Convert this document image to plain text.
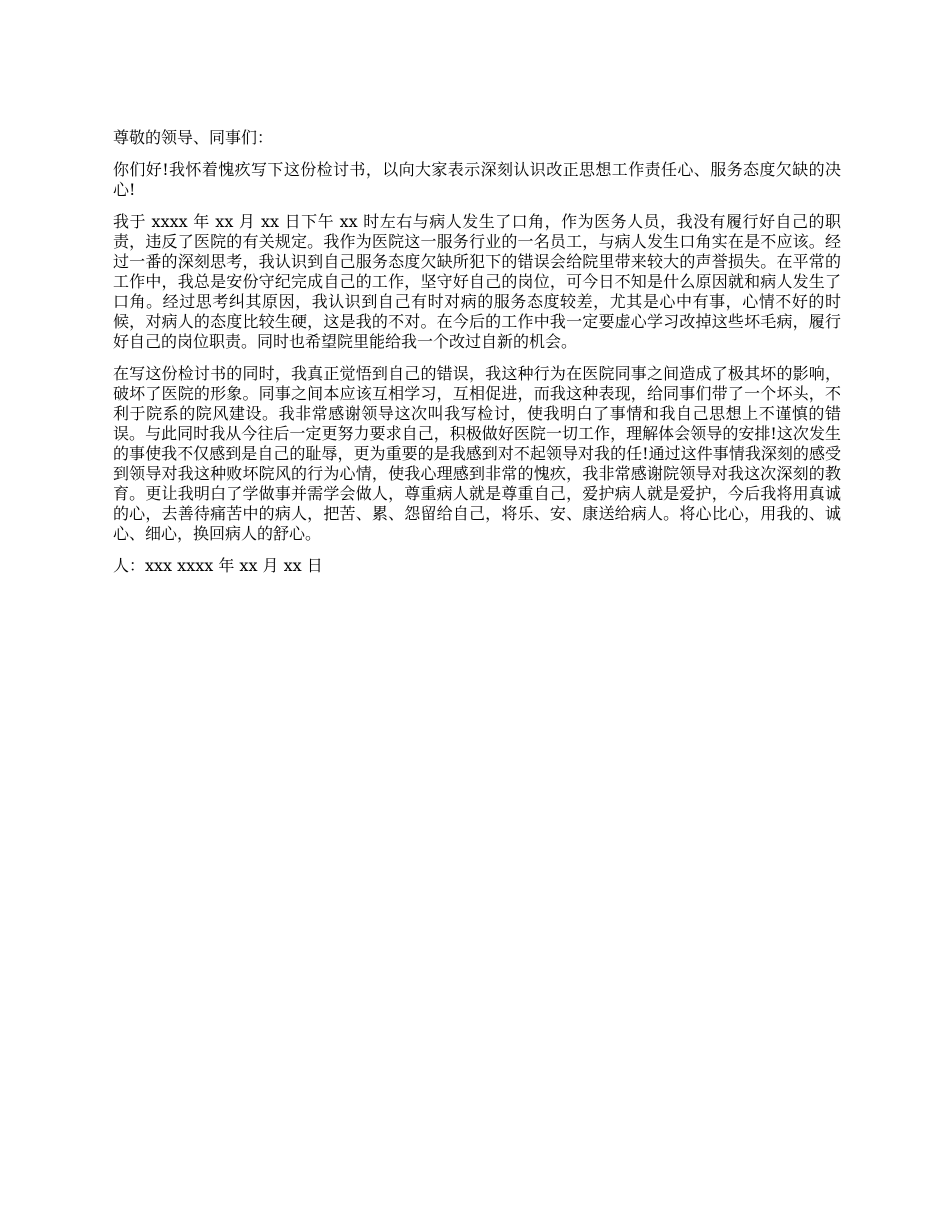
尊敬的领导、同事们：

你们好!我怀着愧疚写下这份检讨书，以向大家表示深刻认识改正思想工作责任心、服务态度欠缺的决心!

我于 xxxx 年 xx 月 xx 日下午 xx 时左右与病人发生了口角，作为医务人员，我没有履行好自己的职责，违反了医院的有关规定。我作为医院这一服务行业的一名员工，与病人发生口角实在是不应该。经过一番的深刻思考，我认识到自己服务态度欠缺所犯下的错误会给院里带来较大的声誉损失。在平常的工作中，我总是安份守纪完成自己的工作，坚守好自己的岗位，可今日不知是什么原因就和病人发生了口角。经过思考纠其原因，我认识到自己有时对病的服务态度较差，尤其是心中有事，心情不好的时候，对病人的态度比较生硬，这是我的不对。在今后的工作中我一定要虚心学习改掉这些坏毛病，履行好自己的岗位职责。同时也希望院里能给我一个改过自新的机会。

在写这份检讨书的同时，我真正觉悟到自己的错误，我这种行为在医院同事之间造成了极其坏的影响，破坏了医院的形象。同事之间本应该互相学习，互相促进，而我这种表现，给同事们带了一个坏头，不利于院系的院风建设。我非常感谢领导这次叫我写检讨，使我明白了事情和我自己思想上不谨慎的错误。与此同时我从今往后一定更努力要求自己，积极做好医院一切工作，理解体会领导的安排!这次发生的事使我不仅感到是自己的耻辱，更为重要的是我感到对不起领导对我的任!通过这件事情我深刻的感受到领导对我这种败坏院风的行为心情，使我心理感到非常的愧疚，我非常感谢院领导对我这次深刻的教育。更让我明白了学做事并需学会做人，尊重病人就是尊重自己，爱护病人就是爱护，今后我将用真诚的心，去善待痛苦中的病人，把苦、累、怨留给自己，将乐、安、康送给病人。将心比心，用我的、诚心、细心，换回病人的舒心。

人：xxx xxxx 年 xx 月 xx 日
